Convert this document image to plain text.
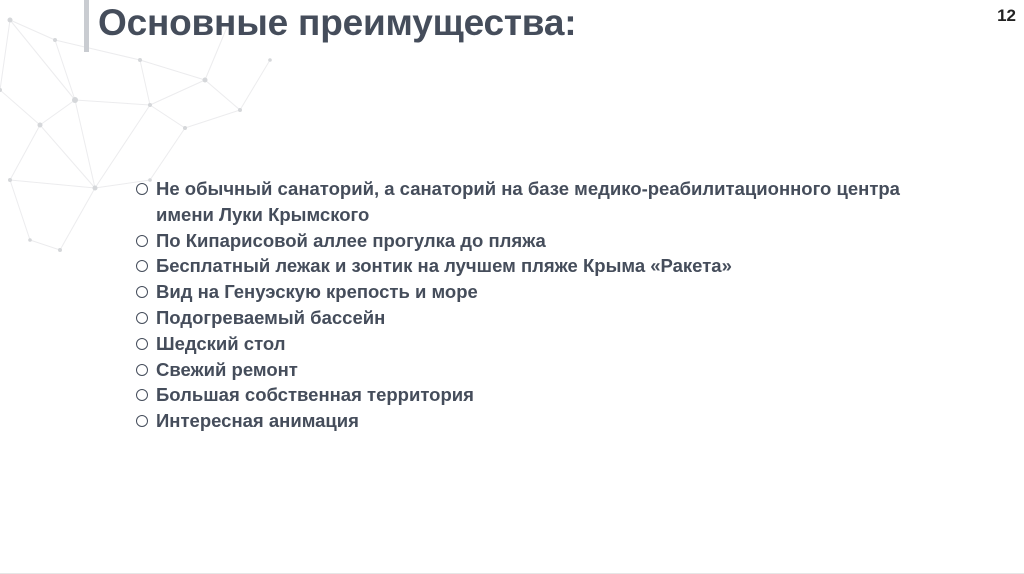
Основные преимущества:	12
Не обычный санаторий, а санаторий на базе медико-реабилитационного центра имени Луки Крымского
По Кипарисовой аллее прогулка до пляжа
Бесплатный лежак и зонтик на лучшем пляже Крыма «Ракета»
Вид на Генуэскую крепость и море
Подогреваемый бассейн
Шедский стол
Свежий ремонт
Большая собственная территория
Интересная анимация
